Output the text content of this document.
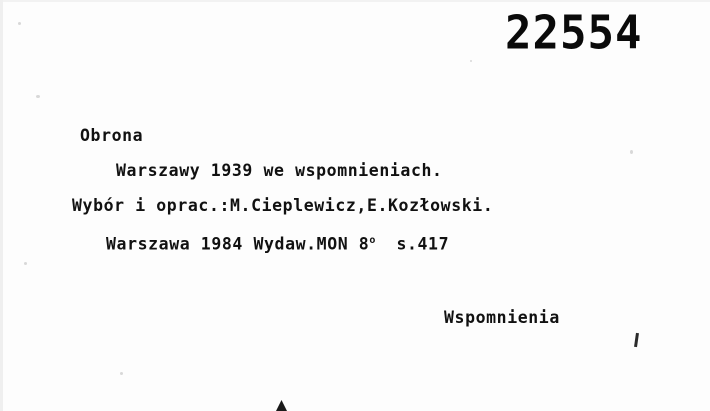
22554
Obrona
Warszawy 1939 we wspomnieniach.
Wybór i oprac.:M.Cieplewicz,E.Kozłowski.
Warszawa 1984 Wydaw.MON 8$^o$  s.417
Wspomnienia
